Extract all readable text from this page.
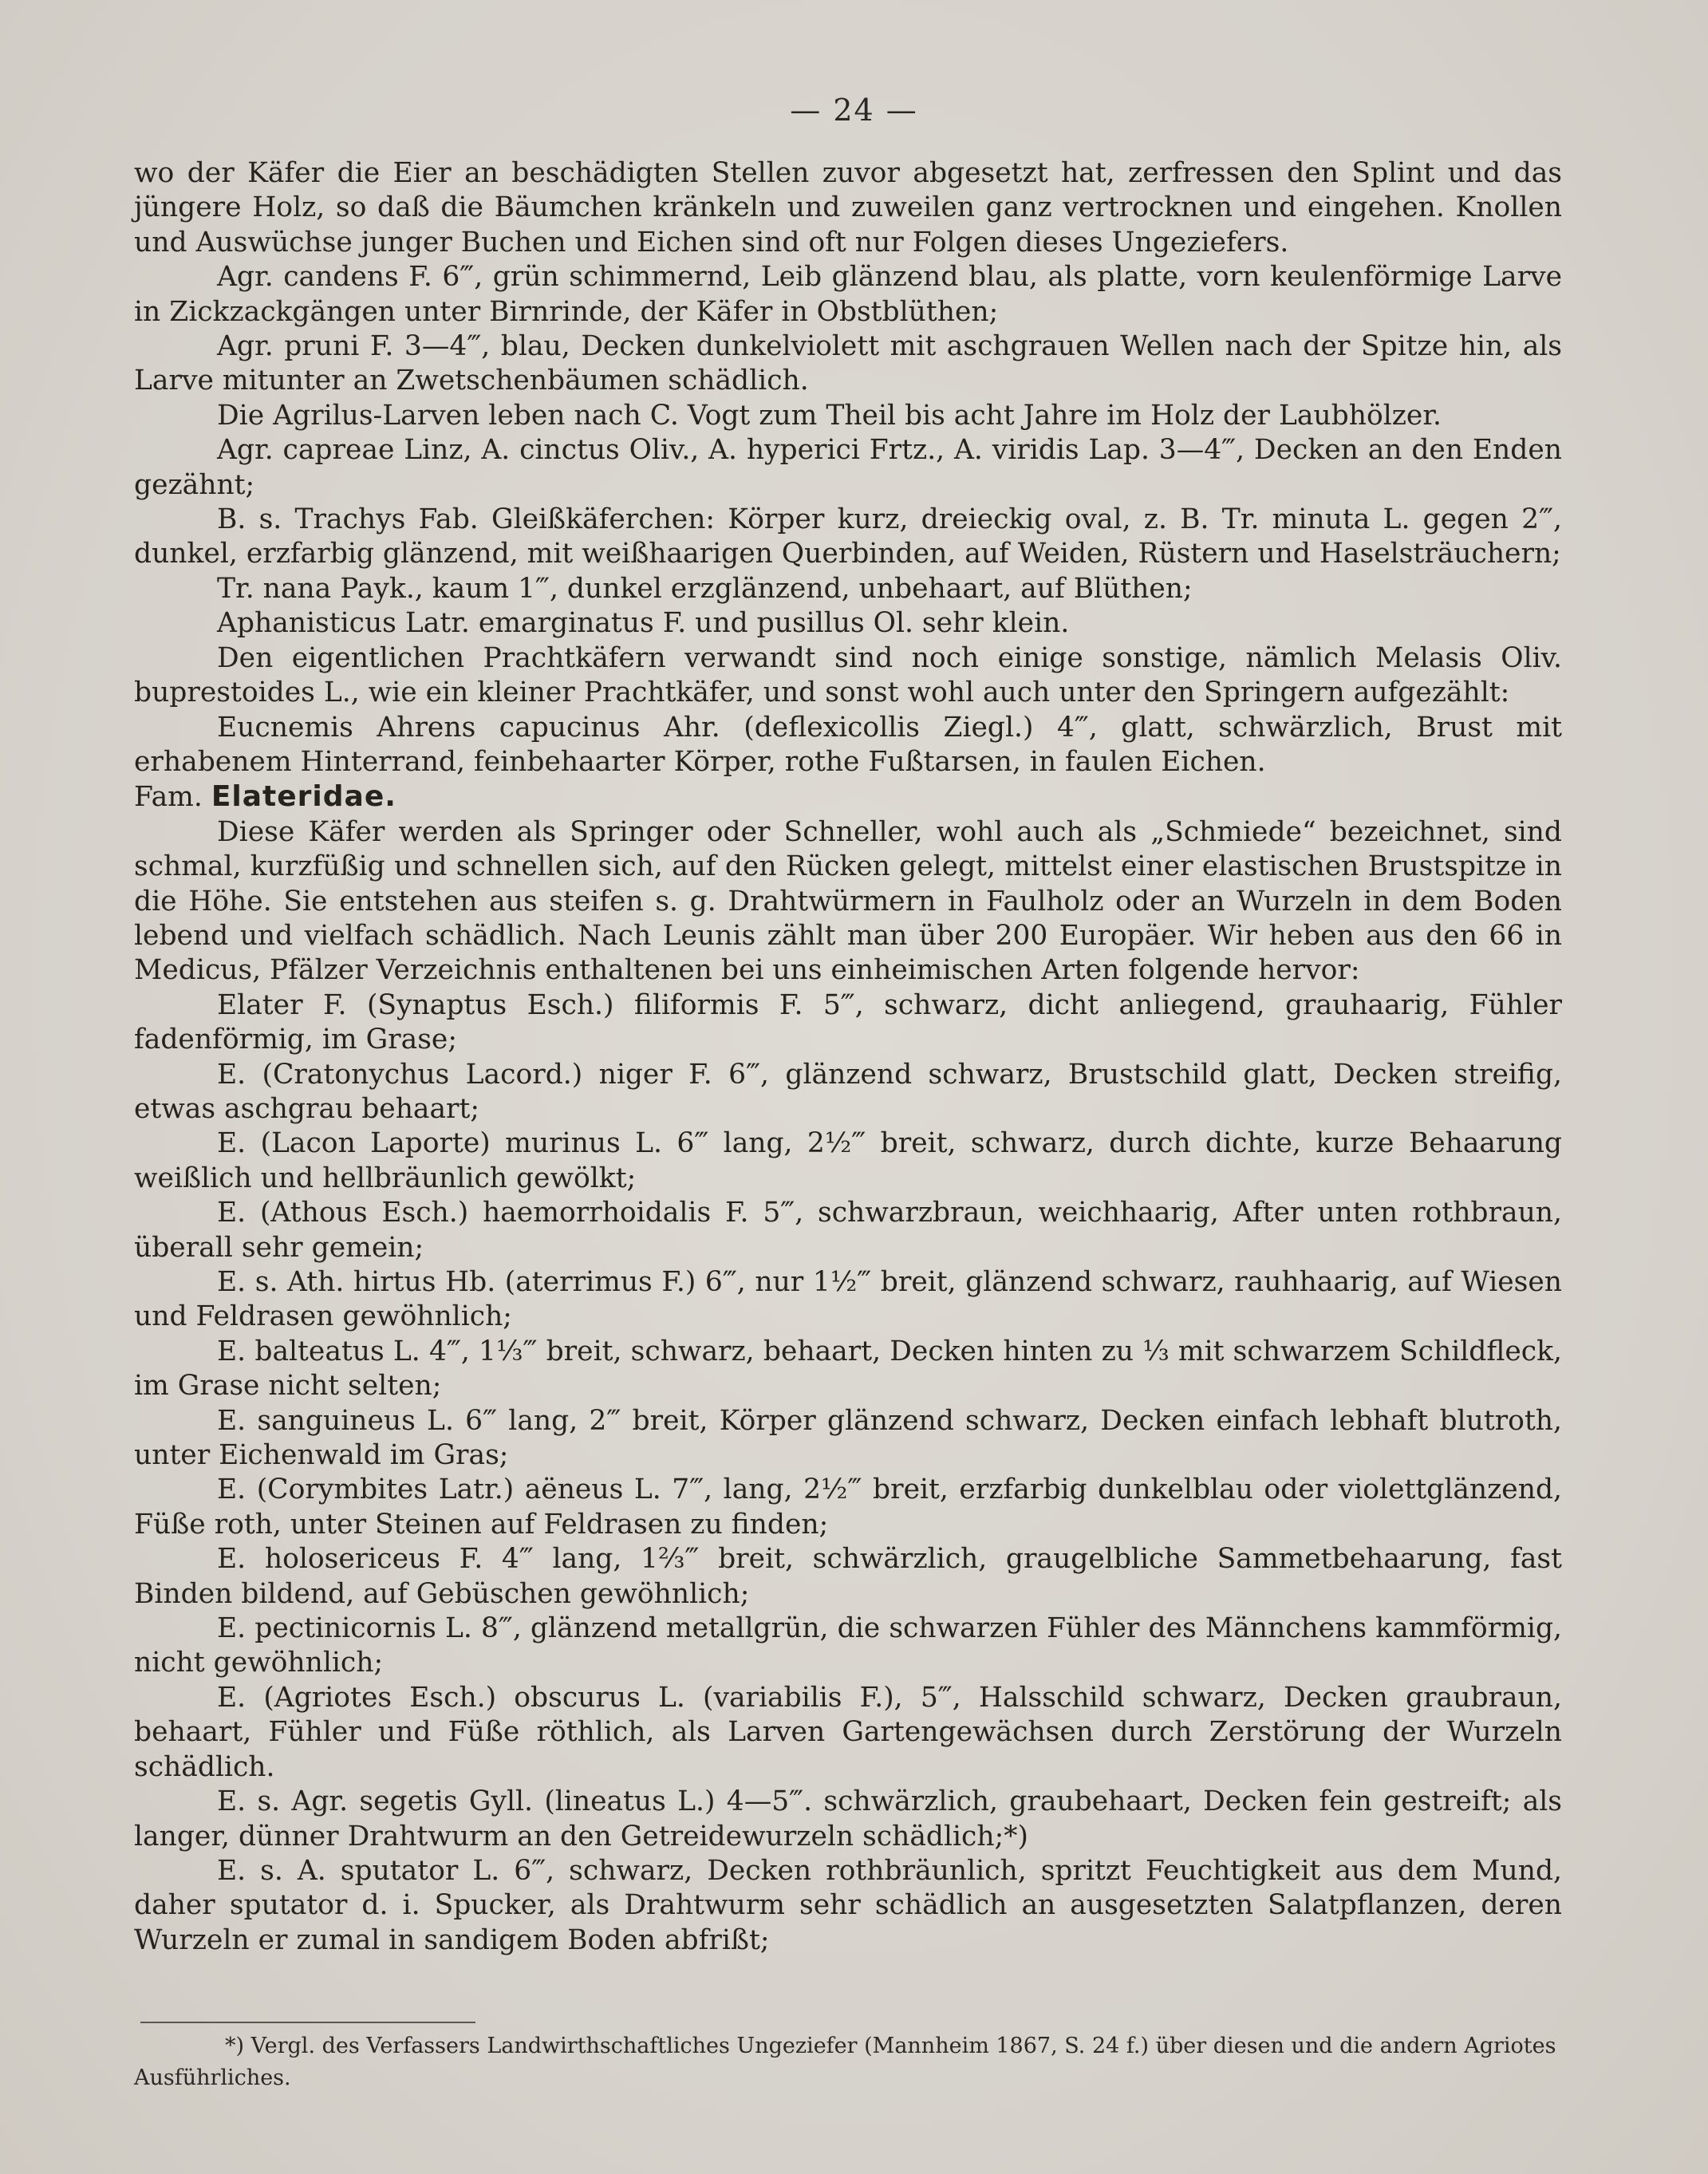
— 24 —

wo der Käfer die Eier an beschädigten Stellen zuvor abgesetzt hat, zerfressen den Splint und das jüngere Holz, so daß die Bäumchen kränkeln und zuweilen ganz vertrocknen und eingehen. Knollen und Auswüchse junger Buchen und Eichen sind oft nur Folgen dieses Ungeziefers.

Agr. candens F. 6‴, grün schimmernd, Leib glänzend blau, als platte, vorn keulenförmige Larve in Zickzackgängen unter Birnrinde, der Käfer in Obstblüthen;

Agr. pruni F. 3—4‴, blau, Decken dunkelviolett mit aschgrauen Wellen nach der Spitze hin, als Larve mitunter an Zwetschenbäumen schädlich.

Die Agrilus-Larven leben nach C. Vogt zum Theil bis acht Jahre im Holz der Laubhölzer.

Agr. capreae Linz, A. cinctus Oliv., A. hyperici Frtz., A. viridis Lap. 3—4‴, Decken an den Enden gezähnt;

B. s. Trachys Fab. Gleißkäferchen: Körper kurz, dreieckig oval, z. B. Tr. minuta L. gegen 2‴, dunkel, erzfarbig glänzend, mit weißhaarigen Querbinden, auf Weiden, Rüstern und Haselsträuchern;

Tr. nana Payk., kaum 1‴, dunkel erzglänzend, unbehaart, auf Blüthen;

Aphanisticus Latr. emarginatus F. und pusillus Ol. sehr klein.

Den eigentlichen Prachtkäfern verwandt sind noch einige sonstige, nämlich Melasis Oliv. buprestoides L., wie ein kleiner Prachtkäfer, und sonst wohl auch unter den Springern aufgezählt:

Eucnemis Ahrens capucinus Ahr. (deflexicollis Ziegl.) 4‴, glatt, schwärzlich, Brust mit erhabenem Hinterrand, feinbehaarter Körper, rothe Fußtarsen, in faulen Eichen.

Fam. Elateridae.

Diese Käfer werden als Springer oder Schneller, wohl auch als „Schmiede“ bezeichnet, sind schmal, kurzfüßig und schnellen sich, auf den Rücken gelegt, mittelst einer elastischen Brustspitze in die Höhe. Sie entstehen aus steifen s. g. Drahtwürmern in Faulholz oder an Wurzeln in dem Boden lebend und vielfach schädlich. Nach Leunis zählt man über 200 Europäer. Wir heben aus den 66 in Medicus, Pfälzer Verzeichnis enthaltenen bei uns einheimischen Arten folgende hervor:

Elater F. (Synaptus Esch.) filiformis F. 5‴, schwarz, dicht anliegend, grauhaarig, Fühler fadenförmig, im Grase;

E. (Cratonychus Lacord.) niger F. 6‴, glänzend schwarz, Brustschild glatt, Decken streifig, etwas aschgrau behaart;

E. (Lacon Laporte) murinus L. 6‴ lang, 2½‴ breit, schwarz, durch dichte, kurze Behaarung weißlich und hellbräunlich gewölkt;

E. (Athous Esch.) haemorrhoidalis F. 5‴, schwarzbraun, weichhaarig, After unten rothbraun, überall sehr gemein;

E. s. Ath. hirtus Hb. (aterrimus F.) 6‴, nur 1½‴ breit, glänzend schwarz, rauhhaarig, auf Wiesen und Feldrasen gewöhnlich;

E. balteatus L. 4‴, 1⅓‴ breit, schwarz, behaart, Decken hinten zu ⅓ mit schwarzem Schildfleck, im Grase nicht selten;

E. sanguineus L. 6‴ lang, 2‴ breit, Körper glänzend schwarz, Decken einfach lebhaft blutroth, unter Eichenwald im Gras;

E. (Corymbites Latr.) aëneus L. 7‴, lang, 2½‴ breit, erzfarbig dunkelblau oder violettglänzend, Füße roth, unter Steinen auf Feldrasen zu finden;

E. holosericeus F. 4‴ lang, 1⅔‴ breit, schwärzlich, graugelbliche Sammetbehaarung, fast Binden bildend, auf Gebüschen gewöhnlich;

E. pectinicornis L. 8‴, glänzend metallgrün, die schwarzen Fühler des Männchens kammförmig, nicht gewöhnlich;

E. (Agriotes Esch.) obscurus L. (variabilis F.), 5‴, Halsschild schwarz, Decken graubraun, behaart, Fühler und Füße röthlich, als Larven Gartengewächsen durch Zerstörung der Wurzeln schädlich.

E. s. Agr. segetis Gyll. (lineatus L.) 4—5‴. schwärzlich, graubehaart, Decken fein gestreift; als langer, dünner Drahtwurm an den Getreidewurzeln schädlich;*)

E. s. A. sputator L. 6‴, schwarz, Decken rothbräunlich, spritzt Feuchtigkeit aus dem Mund, daher sputator d. i. Spucker, als Drahtwurm sehr schädlich an ausgesetzten Salatpflanzen, deren Wurzeln er zumal in sandigem Boden abfrißt;

*) Vergl. des Verfassers Landwirthschaftliches Ungeziefer (Mannheim 1867, S. 24 f.) über diesen und die andern Agriotes Ausführliches.
